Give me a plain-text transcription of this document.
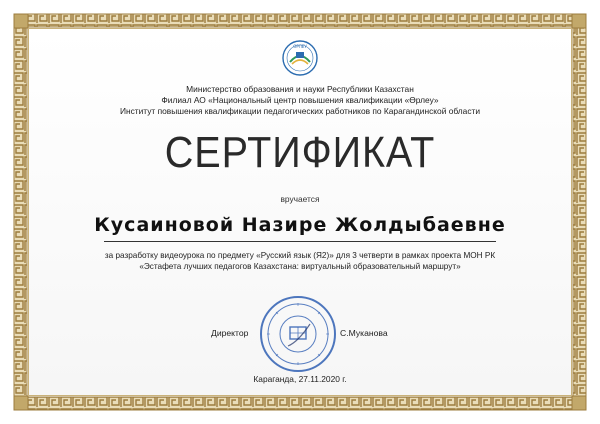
ӨРЛЕУ
Министерство образования и науки Республики Казахстан
Филиал АО «Национальный центр повышения квалификации «Өрлеу»
Институт повышения квалификации педагогических работников по Карагандинской области
СЕРТИФИКАТ
вручается
Кусаиновой Назире Жолдыбаевне
за разработку видеоурока по предмету «Русский язык (Я2)» для 3 четверти в рамках проекта МОН РК
«Эстафета лучших педагогов Казахстана: виртуальный образовательный маршрут»
Директор	С.Муканова
Караганда, 27.11.2020 г.
